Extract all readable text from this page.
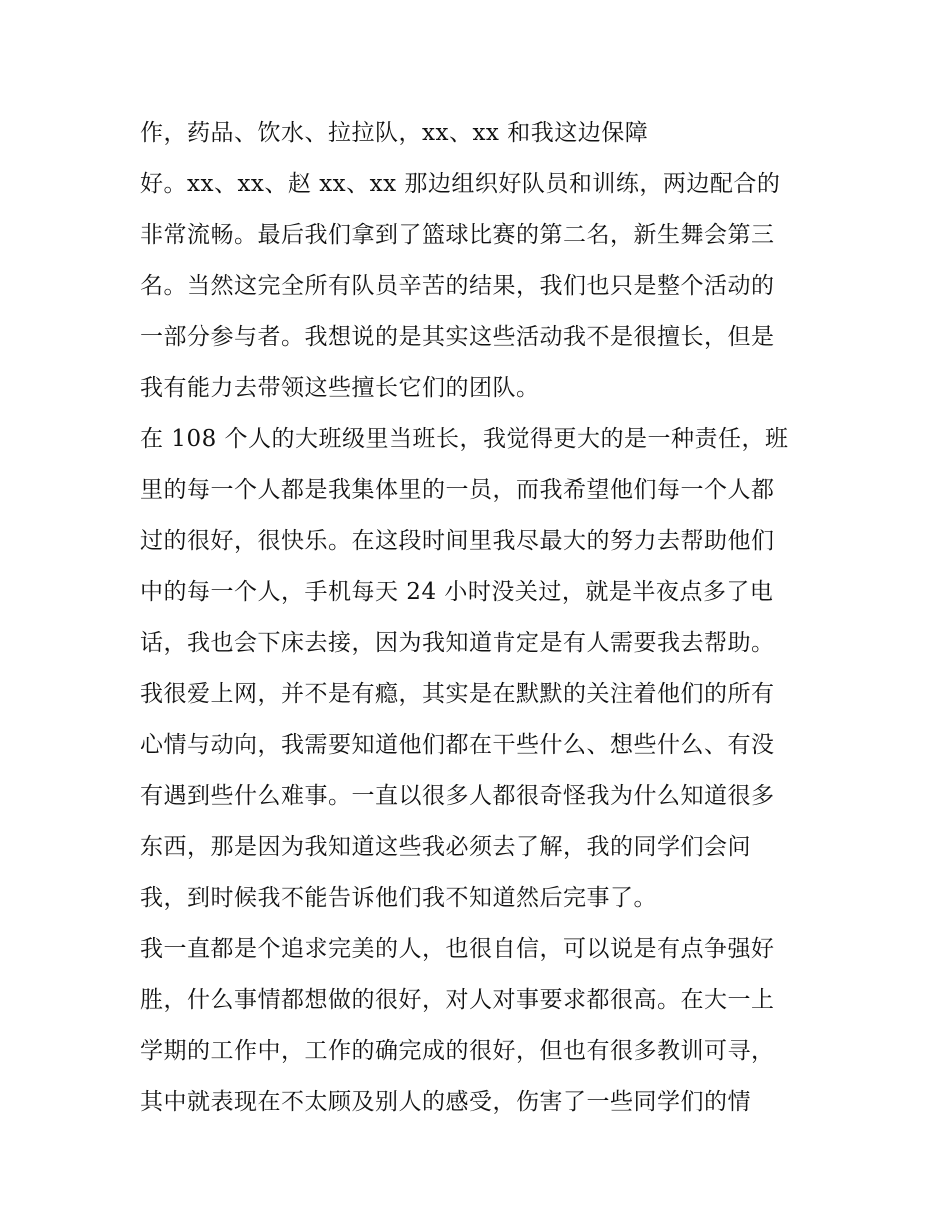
作，药品、饮水、拉拉队，xx、xx 和我这边保障
好。xx、xx、赵 xx、xx 那边组织好队员和训练，两边配合的
非常流畅。最后我们拿到了篮球比赛的第二名，新生舞会第三
名。当然这完全所有队员辛苦的结果，我们也只是整个活动的
一部分参与者。我想说的是其实这些活动我不是很擅长，但是
我有能力去带领这些擅长它们的团队。
在 108 个人的大班级里当班长，我觉得更大的是一种责任，班
里的每一个人都是我集体里的一员，而我希望他们每一个人都
过的很好，很快乐。在这段时间里我尽最大的努力去帮助他们
中的每一个人，手机每天 24 小时没关过，就是半夜点多了电
话，我也会下床去接，因为我知道肯定是有人需要我去帮助。
我很爱上网，并不是有瘾，其实是在默默的关注着他们的所有
心情与动向，我需要知道他们都在干些什么、想些什么、有没
有遇到些什么难事。一直以很多人都很奇怪我为什么知道很多
东西，那是因为我知道这些我必须去了解，我的同学们会问
我，到时候我不能告诉他们我不知道然后完事了。
我一直都是个追求完美的人，也很自信，可以说是有点争强好
胜，什么事情都想做的很好，对人对事要求都很高。在大一上
学期的工作中，工作的确完成的很好，但也有很多教训可寻，
其中就表现在不太顾及别人的感受，伤害了一些同学们的情
